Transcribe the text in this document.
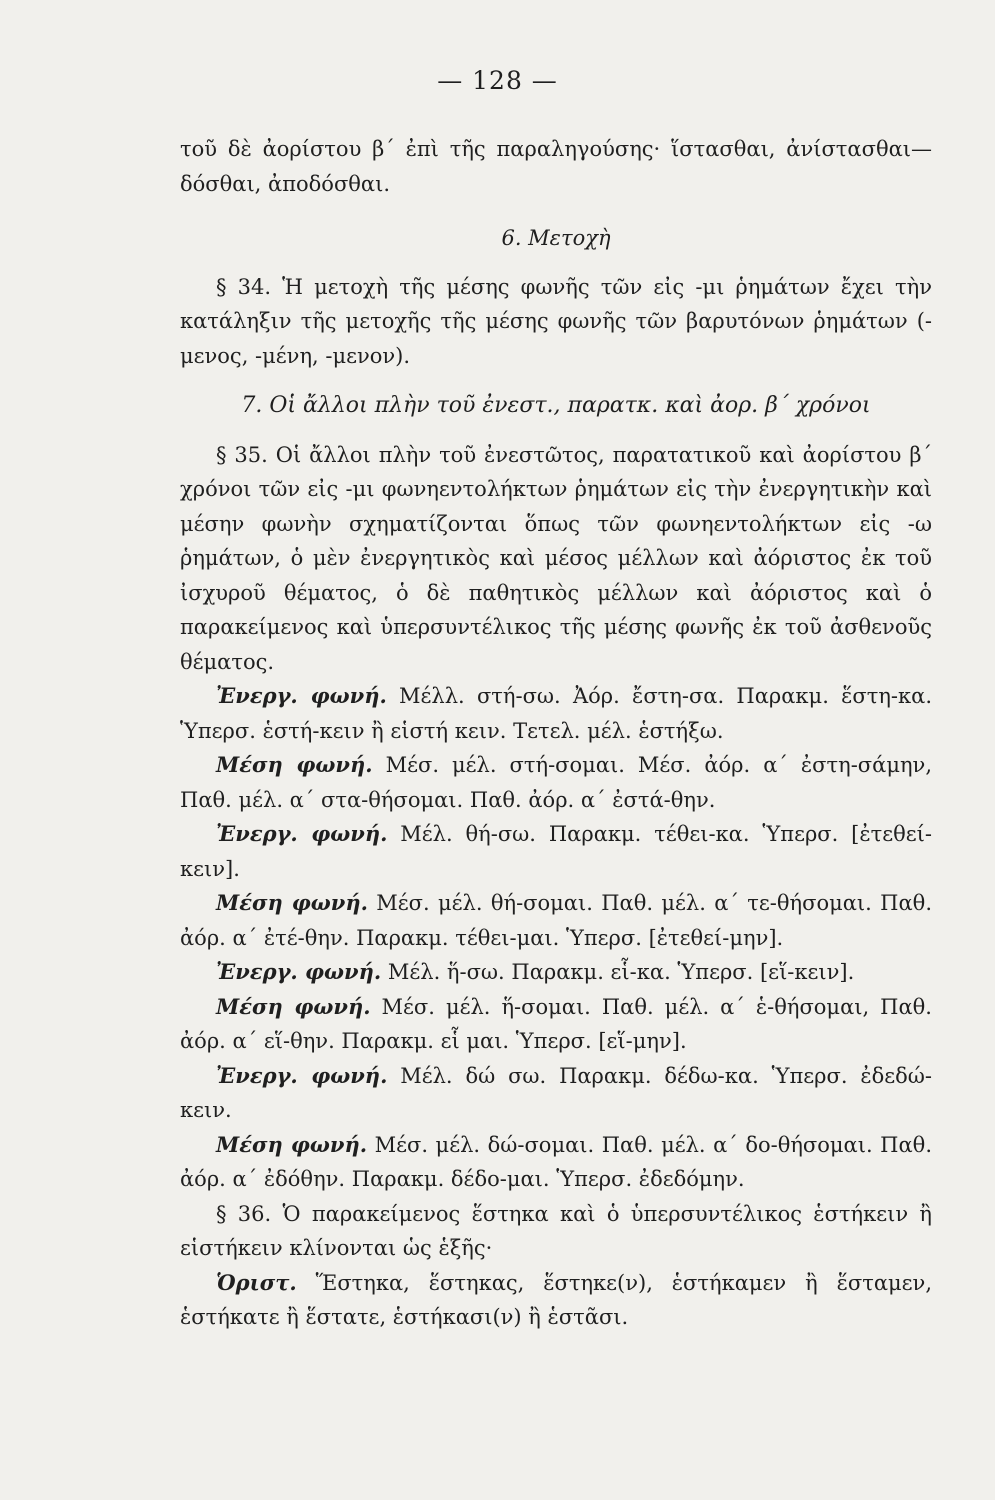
— 128 —

τοῦ δὲ ἀορίστου β΄ ἐπὶ τῆς παραληγούσης· ἵστασθαι, ἀνίστασθαι— δόσθαι, ἀποδόσθαι.

6. Μετοχὴ

§ 34. Ἡ μετοχὴ τῆς μέσης φωνῆς τῶν εἰς -μι ῥημάτων ἔχει τὴν κατάληξιν τῆς μετοχῆς τῆς μέσης φωνῆς τῶν βαρυτόνων ῥημάτων (-μενος, -μένη, -μενον).

7. Οἱ ἄλλοι πλὴν τοῦ ἐνεστ., παρατκ. καὶ ἀορ. β΄ χρόνοι

§ 35. Οἱ ἄλλοι πλὴν τοῦ ἐνεστῶτος, παρατατικοῦ καὶ ἀορίστου β΄ χρόνοι τῶν εἰς -μι φωνηεντολήκτων ῥημάτων εἰς τὴν ἐνεργητικὴν καὶ μέσην φωνὴν σχηματίζονται ὅπως τῶν φωνηεντολήκτων εἰς -ω ῥημάτων, ὁ μὲν ἐνεργητικὸς καὶ μέσος μέλλων καὶ ἀόριστος ἐκ τοῦ ἰσχυροῦ θέματος, ὁ δὲ παθητικὸς μέλλων καὶ ἀόριστος καὶ ὁ παρακείμενος καὶ ὑπερσυντέλικος τῆς μέσης φωνῆς ἐκ τοῦ ἀσθενοῦς θέματος.

Ἐνεργ. φωνή. Μέλλ. στή-σω. Ἀόρ. ἔστη-σα. Παρακμ. ἕστη-κα. Ὑπερσ. ἑστή-κειν ἢ εἱστή κειν. Τετελ. μέλ. ἑστήξω.

Μέση φωνή. Μέσ. μέλ. στή-σομαι. Μέσ. ἀόρ. α΄ ἐστη-σάμην, Παθ. μέλ. α΄ στα-θήσομαι. Παθ. ἀόρ. α΄ ἐστά-θην.

Ἐνεργ. φωνή. Μέλ. θή-σω. Παρακμ. τέθει-κα. Ὑπερσ. [ἐτεθεί-κειν].

Μέση φωνή. Μέσ. μέλ. θή-σομαι. Παθ. μέλ. α΄ τε-θήσομαι. Παθ. ἀόρ. α΄ ἐτέ-θην. Παρακμ. τέθει-μαι. Ὑπερσ. [ἐτεθεί-μην].

Ἐνεργ. φωνή. Μέλ. ἥ-σω. Παρακμ. εἷ-κα. Ὑπερσ. [εἵ-κειν].

Μέση φωνή. Μέσ. μέλ. ἥ-σομαι. Παθ. μέλ. α΄ ἑ-θήσομαι, Παθ. ἀόρ. α΄ εἵ-θην. Παρακμ. εἷ μαι. Ὑπερσ. [εἵ-μην].

Ἐνεργ. φωνή. Μέλ. δώ σω. Παρακμ. δέδω-κα. Ὑπερσ. ἐδεδώ-κειν.

Μέση φωνή. Μέσ. μέλ. δώ-σομαι. Παθ. μέλ. α΄ δο-θήσομαι. Παθ. ἀόρ. α΄ ἐδόθην. Παρακμ. δέδο-μαι. Ὑπερσ. ἐδεδόμην.

§ 36. Ὁ παρακείμενος ἕστηκα καὶ ὁ ὑπερσυντέλικος ἑστήκειν ἢ εἱστήκειν κλίνονται ὡς ἑξῆς·

Ὁριστ. Ἕστηκα, ἕστηκας, ἕστηκε(ν), ἑστήκαμεν ἢ ἕσταμεν, ἑστήκατε ἢ ἕστατε, ἑστήκασι(ν) ἢ ἑστᾶσι.
